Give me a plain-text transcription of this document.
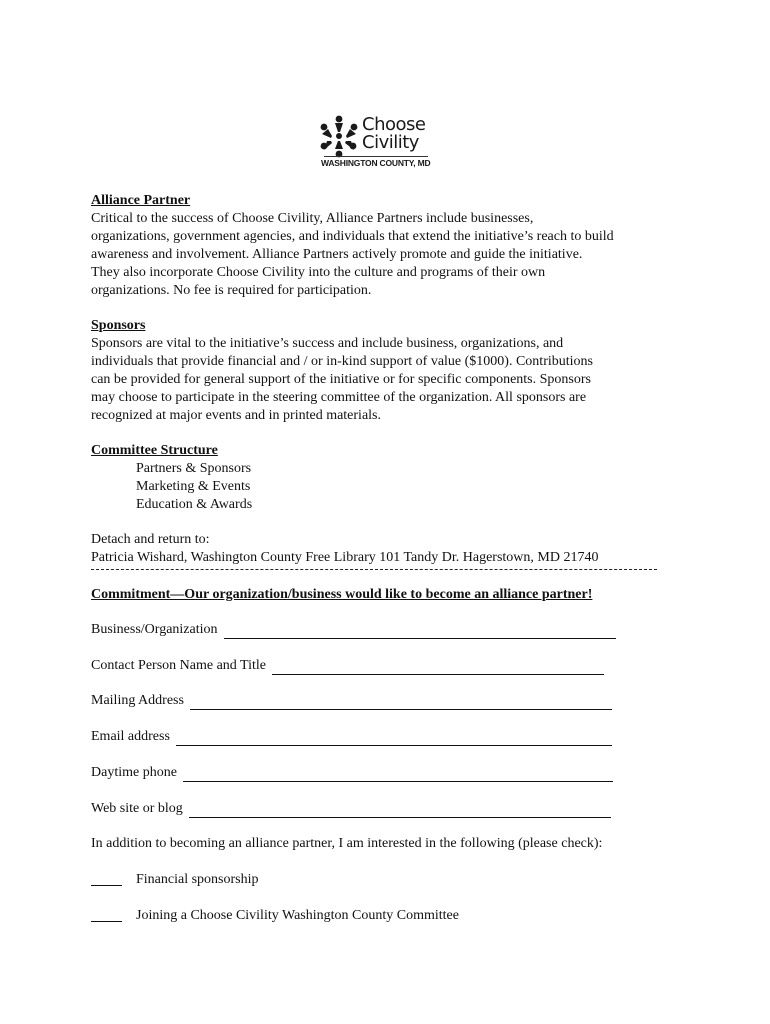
Choose
Civility
WASHINGTON COUNTY, MD
Alliance Partner
Critical to the success of Choose Civility, Alliance Partners include businesses,
organizations, government agencies, and individuals that extend the initiative’s reach to build
awareness and involvement. Alliance Partners actively promote and guide the initiative.
They also incorporate Choose Civility into the culture and programs of their own
organizations. No fee is required for participation.
Sponsors
Sponsors are vital to the initiative’s success and include business, organizations, and
individuals that provide financial and / or in-kind support of value ($1000). Contributions
can be provided for general support of the initiative or for specific components. Sponsors
may choose to participate in the steering committee of the organization. All sponsors are
recognized at major events and in printed materials.
Committee Structure
Partners & Sponsors
Marketing & Events
Education & Awards
Detach and return to:
Patricia Wishard, Washington County Free Library 101 Tandy Dr. Hagerstown, MD 21740
Commitment—Our organization/business would like to become an alliance partner!
Business/Organization
Contact Person Name and Title
Mailing Address
Email address
Daytime phone
Web site or blog
In addition to becoming an alliance partner, I am interested in the following (please check):
Financial sponsorship
Joining a Choose Civility Washington County Committee
